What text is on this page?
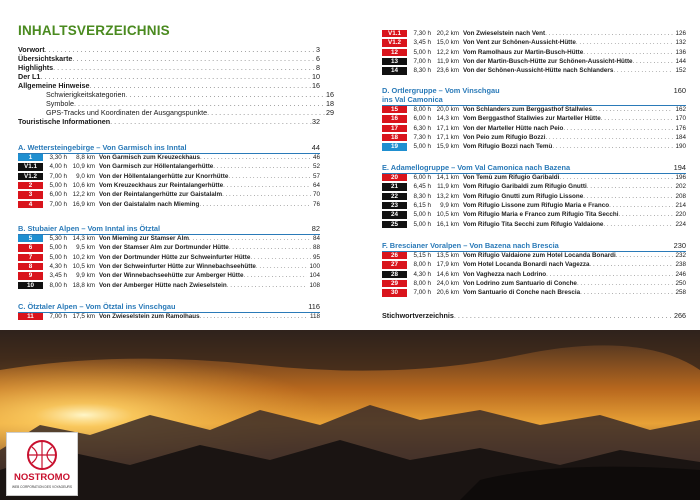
INHALTSVERZEICHNIS
Vorwort . . .	3
Übersichtskarte . . .	6
Highlights . . .	8
Der L1 . . .	10
Allgemeine Hinweise . . .	16
Schwierigkeitskategorien . . .	16
Symbole . . .	18
GPS-Tracks und Koordinaten der Ausgangspunkte . . .	29
Touristische Informationen . . .	32
A. Wettersteingebirge – Von Garmisch ins Inntal	44
1	3,30 h	8,8 km Von Garmisch zum Kreuzeckhaus . . .	46
V1.1	4,00 h 10,9 km Von Garmisch zur Höllentalangerhütte . . .	52
V1.2	7,00 h	9,0 km Von der Höllentalangerhütte zur Knorrhütte . . .	57
2	5,00 h 10,6 km Vom Kreuzeckhaus zur Reintalangerhütte . . .	64
3	6,00 h 12,2 km Von der Reintalangerhütte zur Gaistalalm . . .	70
4	7,00 h 16,9 km Von der Gaistalalm nach Mieming . . .	76
B. Stubaier Alpen – Vom Inntal ins Ötztal	82
5	5,30 h 14,3 km Von Mieming zur Stamser Alm . . .	84
6	5,00 h	9,5 km Von der Stamser Alm zur Dortmunder Hütte . . .	88
7	5,00 h 10,2 km Von der Dortmunder Hütte zur Schweinfurter Hütte . . .	95
8	4,30 h 10,5 km Von der Schweinfurter Hütte zur Winnebachseehütte . . .	100
9	3,45 h	9,9 km Von der Winnebachseehütte zur Amberger Hütte . . .	104
10	8,00 h 18,8 km Von der Amberger Hütte nach Zwieselstein . . .	108
C. Ötztaler Alpen – Vom Ötztal ins Vinschgau	116
11	7,00 h 17,5 km Von Zwieselstein zum Ramolhaus . . .	118
V1.1	7,30 h 20,2 km Von Zwieselstein nach Vent . . .	126
V1.2	3,45 h 15,0 km Von Vent zur Schönen-Aussicht-Hütte . . .	132
12	5,00 h 12,2 km Vom Ramolhaus zur Martin-Busch-Hütte . . .	136
13	7,00 h 11,9 km Von der Martin-Busch-Hütte zur Schönen-Aussicht-Hütte . . .	144
14	8,30 h 23,6 km Von der Schönen-Aussicht-Hütte nach Schlanders . . .	152
D. Ortlergruppe – Vom Vinschgau	160
ins Val Camonica
15	8,00 h 20,0 km Von Schlanders zum Berggasthof Stallwies . . .	162
16	6,00 h 14,3 km Vom Berggasthof Stallwies zur Marteller Hütte . . .	170
17	6,30 h 17,1 km Von der Marteller Hütte nach Peio . . .	176
18	7,30 h 17,1 km Von Peio zum Rifugio Bozzi . . .	184
19	5,00 h 15,9 km Vom Rifugio Bozzi nach Temù . . .	190
E. Adamellogruppe – Vom Val Camonica nach Bazena	194
20	6,00 h 14,1 km Von Temù zum Rifugio Garibaldi . . .	196
21	6,45 h 11,9 km Vom Rifugio Garibaldi zum Rifugio Gnutti . . .	202
22	8,30 h 13,2 km Vom Rifugio Gnutti zum Rifugio Lissone . . .	208
23	6,15 h	9,9 km Vom Rifugio Lissone zum Rifugio Maria e Franco . . .	214
24	5,00 h 10,5 km Vom Rifugio Maria e Franco zum Rifugio Tita Secchi . . .	220
25	5,00 h 16,1 km Vom Rifugio Tita Secchi zum Rifugio Valdaione . . .	224
F. Brescianer Voralpen – Von Bazena nach Brescia	230
26	5,15 h 13,5 km Vom Rifugio Valdaione zum Hotel Locanda Bonardi . . .	232
27	8,00 h 17,9 km Vom Hotel Locanda Bonardi nach Vagezza . . .	238
28	4,30 h 14,6 km Von Vaghezza nach Lodrino . . .	246
29	8,00 h 24,0 km Von Lodrino zum Santuario di Conche . . .	250
30	7,00 h 20,6 km Vom Santuario di Conche nach Brescia . . .	258
Stichwortverzeichnis . . .	266
NOSTROMO
WEB CORPORATION DES VOYAGEURS
